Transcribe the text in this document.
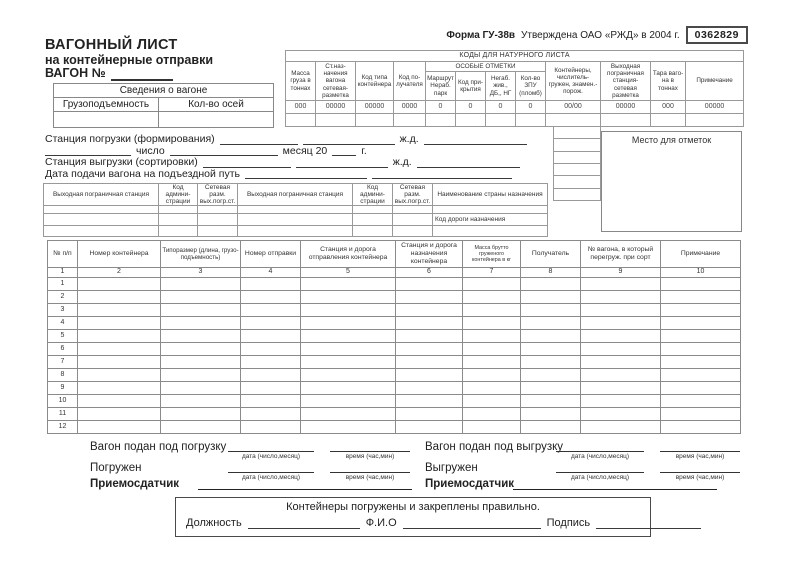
Форма ГУ-38в Утверждена ОАО «РЖД» в 2004 г.	0362829
ВАГОННЫЙ ЛИСТ
на контейнерные отправки
ВАГОН №
Сведения о вагоне	
Грузоподъемность	Кол-во осей

КОДЫ ДЛЯ НАТУРНОГО ЛИСТА											
Масса груза в тоннах	Ст.назначения вагона сетевая-разметка	Код типа контейнера	Код получателя	ОСОБЫЕ ОТМЕТКИ				Контейнеры, числитель-гружен, знамен.-порож.	Выходная пограничная станция-сетевая разметка	Тара вагона в тоннах	Примечание
				Маршрут Нераб. парк	Код прикрытия	Негаб. жив., ДБ,, НГ	Кол-во ЗПУ (пломб)				
000	00000	00000	0000	0	0	0	0	00/00	00000	000	00000

Место для отметок
Станция погрузки (формирования)	ж.д.
число	месяц 20	г.
Станция выгрузки (сортировки)	ж.д.
Дата подачи вагона на подъездной путь
Выходная пограничная станция	Код администрации	Сетевая разм. вых.погр.ст.	Выходная пограничная станция	Код администрации	Сетевая разм. вых.погр.ст.	Наименование страны назначения

						Код дороги назначения

№ п/п	Номер контейнера	Типоразмер (длина, грузоподъемность)	Номер отправки	Станция и дорога отправления контейнера	Станция и дорога назначения контейнера	Масса брутто груженого контейнера в кг	Получатель	№ вагона, в который перегруж. при сорт	Примечание
1	2	3	4	5	6	7	8	9	10
1									
2									
3									
4									
5									
6									
7									
8									
9									
10									
11									
12									
Вагон подан под погрузку
дата (число,месяц)	время (час,мин)
Погружен
дата (число,месяц)	время (час,мин)
Приемосдатчик
Вагон подан под выгрузку
дата (число,месяц)	время (час,мин)
Выгружен
дата (число,месяц)	время (час,мин)
Приемосдатчик
Контейнеры погружены и закреплены правильно.
Должность	Ф.И.О	Подпись
